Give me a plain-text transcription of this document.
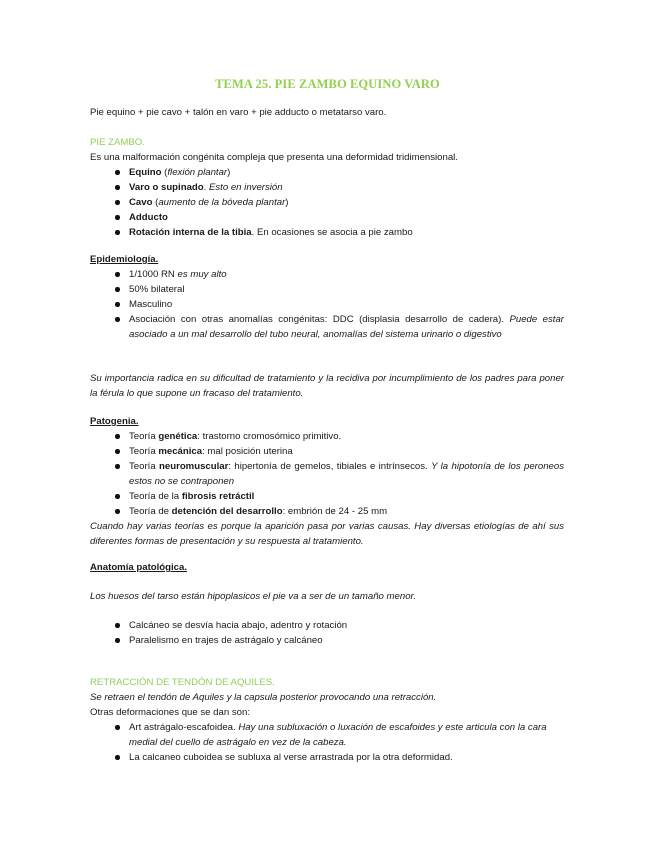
TEMA 25. PIE ZAMBO EQUINO VARO

Pie equino + pie cavo + talón en varo + pie adducto o metatarso varo.

PIE ZAMBO.

Es una malformación congénita compleja que presenta una deformidad tridimensional.

Equino (flexión plantar)
Varo o supinado. Esto en inversión
Cavo (aumento de la bóveda plantar)
Adducto
Rotación interna de la tibia. En ocasiones se asocia a pie zambo

Epidemiología.

1/1000 RN es muy alto
50% bilateral
Masculino
Asociación con otras anomalías congénitas: DDC (displasia desarrollo de cadera). Puede estar asociado a un mal desarrollo del tubo neural, anomalías del sistema urinario o digestivo

Su importancia radica en su dificultad de tratamiento y la recidiva por incumplimiento de los padres para poner la férula lo que supone un fracaso del tratamiento.

Patogenia.

Teoría genética: trastorno cromosómico primitivo.
Teoría mecánica: mal posición uterina
Teoría neuromuscular: hipertonía de gemelos, tibiales e intrínsecos. Y la hipotonía de los peroneos estos no se contraponen
Teoría de la fibrosis retráctil
Teoría de detención del desarrollo: embrión de 24 - 25 mm

Cuando hay varias teorías es porque la aparición pasa por varias causas. Hay diversas etiologías de ahí sus diferentes formas de presentación y su respuesta al tratamiento.

Anatomía patológica.

Los huesos del tarso están hipoplasicos el pie va a ser de un tamaño menor.

Calcáneo se desvía hacia abajo, adentro y rotación
Paralelismo en trajes de astrágalo y calcáneo

RETRACCIÓN DE TENDÓN DE AQUILES.

Se retraen el tendón de Aquiles y la capsula posterior provocando una retracción.

Otras deformaciones que se dan son:

Art astrágalo-escafoidea. Hay una subluxación o luxación de escafoides y este articula con la cara medial del cuello de astrágalo en vez de la cabeza.
La calcaneo cuboidea se subluxa al verse arrastrada por la otra deformidad.
